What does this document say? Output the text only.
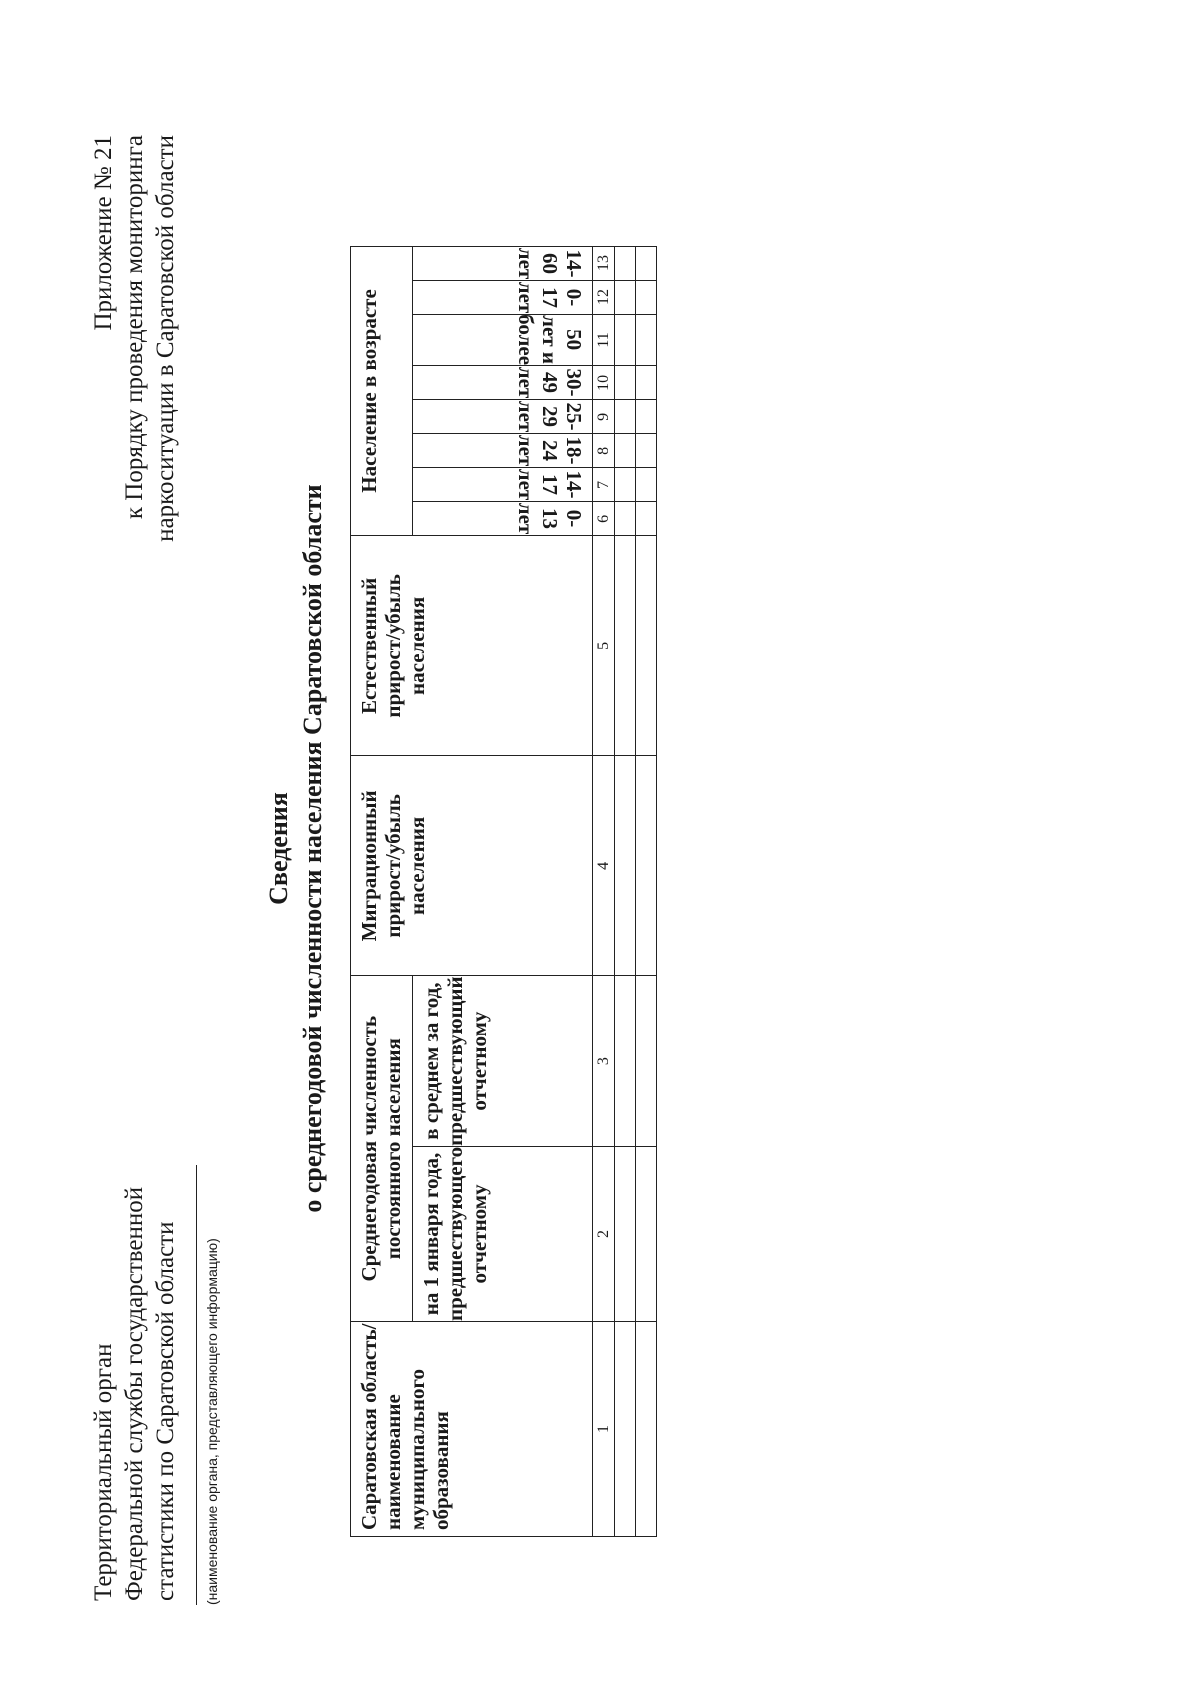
Территориальный орган Федеральной службы государственной статистики по Саратовской области (наименование органа, представляющего информацию)
Приложение № 21 к Порядку проведения мониторинга наркоситуации в Саратовской области
Сведения о среднегодовой численности населения Саратовской области
Саратовская область/ наименование муниципального образования	Среднегодовая численность постоянного населения		Миграционный прирост/убыль населения	Естественный прирост/убыль населения	Население в возрасте							
	на 1 января года, предшествующего отчетному	в среднем за год, предшествующий отчетному			0-13 лет	14-17 лет	18-24 лет	25-29 лет	30-49 лет	50 лет и более	0-17 лет	14-60 лет

1	2	3	4	5	6	7	8	9	10	11	12	13
